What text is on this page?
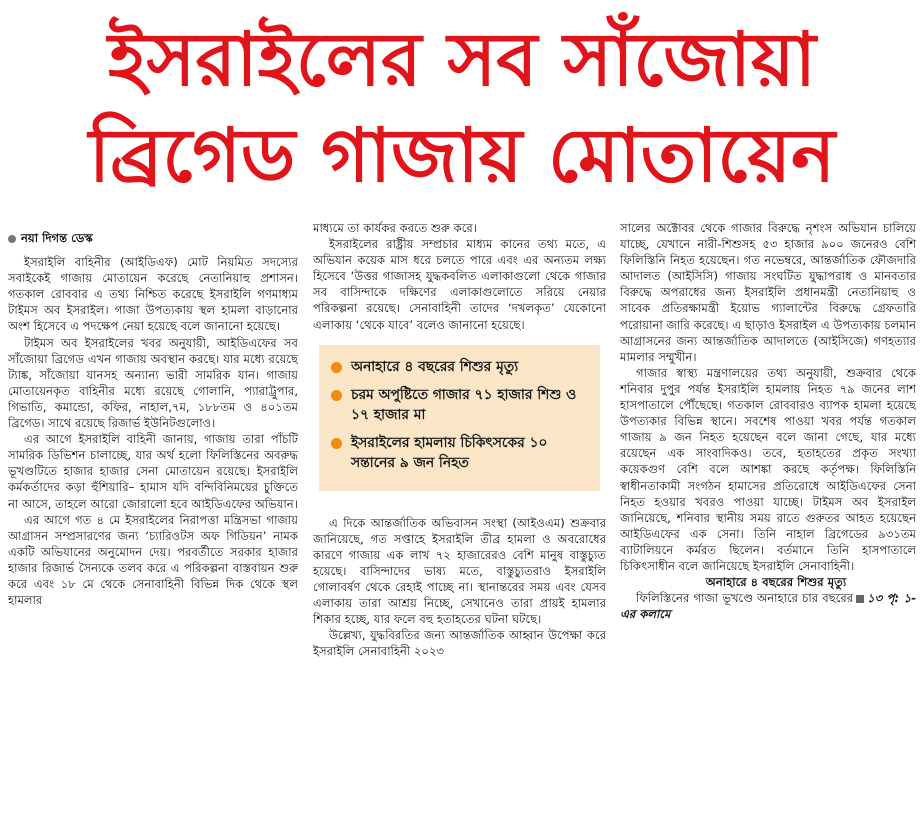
ইসরাইলের সব সাঁজোয়া
ব্রিগেড গাজায় মোতায়েন
নয়া দিগন্ত ডেস্ক

ইসরাইলি বাহিনীর (আইডিএফ) মোট নিয়মিত সদস্যের সবাইকেই গাজায় মোতায়েন করেছে নেতানিয়াহু প্রশাসন। গতকাল রোববার এ তথ্য নিশ্চিত করেছে ইসরাইলি গণমাধ্যম টাইমস অব ইসরাইল। গাজা উপত্যকায় স্থল হামলা বাড়ানোর অংশ হিসেবে এ পদক্ষেপ নেয়া হয়েছে বলে জানানো হয়েছে।

টাইমস অব ইসরাইলের খবর অনুযায়ী, আইডিএফের সব সাঁজোয়া ব্রিগেড এখন গাজায় অবস্থান করছে। যার মধ্যে রয়েছে ট্যাঙ্ক, সাঁজোয়া যানসহ অন্যান্য ভারী সামরিক যান। গাজায় মোতায়েনকৃত বাহিনীর মধ্যে রয়েছে গোলানি, প্যারাট্রুপার, গিভাতি, কমান্ডো, কফির, নাহাল,৭ম, ১৮৮তম ও ৪০১তম ব্রিগেড। সাথে রয়েছে রিজার্ভ ইউনিটগুলোও।

এর আগে ইসরাইলি বাহিনী জানায়, গাজায় তারা পাঁচটি সামরিক ডিভিশন চালাচ্ছে, যার অর্থ হলো ফিলিস্তিনের অবরুদ্ধ ভূখণ্ডটিতে হাজার হাজার সেনা মোতায়েন রয়েছে। ইসরাইলি কর্মকর্তাদের কড়া হুঁশিয়ারি– হামাস যদি বন্দিবিনিময়ের চুক্তিতে না আসে, তাহলে আরো জোরালো হবে আইডিএফের অভিযান।

এর আগে গত ৪ মে ইসরাইলের নিরাপত্তা মন্ত্রিসভা গাজায় আগ্রাসন সম্প্রসারণের জন্য ‘চ্যারিওটস অফ গিডিয়ন’ নামক একটি অভিযানের অনুমোদন দেয়। পরবর্তীতে সরকার হাজার হাজার রিজার্ভ সৈন্যকে তলব করে এ পরিকল্পনা বাস্তবায়ন শুরু করে এবং ১৮ মে থেকে সেনাবাহিনী বিভিন্ন দিক থেকে স্থল হামলার

মাধ্যমে তা কার্যকর করতে শুরু করে।

ইসরাইলের রাষ্ট্রীয় সম্প্রচার মাধ্যম কানের তথ্য মতে, এ অভিযান কয়েক মাস ধরে চলতে পারে এবং এর অন্যতম লক্ষ্য হিসেবে ‘উত্তর গাজাসহ যুদ্ধকবলিত এলাকাগুলো থেকে গাজার সব বাসিন্দাকে দক্ষিণের এলাকাগুলোতে সরিয়ে নেয়ার পরিকল্পনা রয়েছে। সেনাবাহিনী তাদের ‘দখলকৃত’ যেকোনো এলাকায় ‘থেকে যাবে’ বলেও জানানো হয়েছে।

অনাহারে ৪ বছরের শিশুর মৃত্যু
চরম অপুষ্টিতে গাজার ৭১ হাজার শিশু ও ১৭ হাজার মা
ইসরাইলের হামলায় চিকিৎসকের ১০ সন্তানের ৯ জন নিহত

এ দিকে আন্তর্জাতিক অভিবাসন সংস্থা (আইওএম) শুক্রবার জানিয়েছে, গত সপ্তাহে ইসরাইলি তীব্র হামলা ও অবরোধের কারণে গাজায় এক লাখ ৭২ হাজারেরও বেশি মানুষ বাস্তুচ্যুত হয়েছে। বাসিন্দাদের ভাষ্য মতে, বাস্তুচ্যুতরাও ইসরাইলি গোলাবর্ষণ থেকে রেহাই পাচ্ছে না। স্থানান্তরের সময় এবং যেসব এলাকায় তারা আশ্রয় নিচ্ছে, সেখানেও তারা প্রায়ই হামলার শিকার হচ্ছে, যার ফলে বহু হতাহতের ঘটনা ঘটছে।

উল্লেখ্য, যুদ্ধবিরতির জন্য আন্তর্জাতিক আহ্বান উপেক্ষা করে ইসরাইলি সেনাবাহিনী ২০২৩

সালের অক্টোবর থেকে গাজার বিরুদ্ধে নৃশংস অভিযান চালিয়ে যাচ্ছে, যেখানে নারী-শিশুসহ ৫৩ হাজার ৯০০ জনেরও বেশি ফিলিস্তিনি নিহত হয়েছেন। গত নভেম্বরে, আন্তর্জাতিক ফৌজদারি আদালত (আইসিসি) গাজায় সংঘটিত যুদ্ধাপরাধ ও মানবতার বিরুদ্ধে অপরাধের জন্য ইসরাইলি প্রধানমন্ত্রী নেতানিয়াহু ও সাবেক প্রতিরক্ষামন্ত্রী ইয়োভ গ্যালান্টের বিরুদ্ধে গ্রেফতারি পরোয়ানা জারি করেছে। এ ছাড়াও ইসরাইল এ উপত্যকায় চলমান আগ্রাসনের জন্য আন্তর্জাতিক আদালতে (আইসিজে) গণহত্যার মামলার সম্মুখীন।

গাজার স্বাস্থ্য মন্ত্রণালয়ের তথ্য অনুযায়ী, শুক্রবার থেকে শনিবার দুপুর পর্যন্ত ইসরাইলি হামলায় নিহত ৭৯ জনের লাশ হাসপাতালে পৌঁছেছে। গতকাল রোববারও ব্যাপক হামলা হয়েছে উপত্যকার বিভিন্ন স্থানে। সবশেষ পাওয়া খবর পর্যন্ত গতকাল গাজায় ৯ জন নিহত হয়েছেন বলে জানা গেছে, যার মধ্যে রয়েছেন এক সাংবাদিকও। তবে, হতাহতের প্রকৃত সংখ্যা কয়েকগুণ বেশি বলে আশঙ্কা করছে কর্তৃপক্ষ। ফিলিস্তিনি স্বাধীনতাকামী সংগঠন হামাসের প্রতিরোধে আইডিএফের সেনা নিহত হওয়ার খবরও পাওয়া যাচ্ছে। টাইমস অব ইসরাইল জানিয়েছে, শনিবার স্থানীয় সময় রাতে গুরুতর আহত হয়েছেন আইডিএফের এক সেনা। তিনি নাহাল ব্রিগেডের ৯৩১তম ব্যাটালিয়নে কর্মরত ছিলেন। বর্তমানে তিনি হাসপাতালে চিকিৎসাধীন বলে জানিয়েছে ইসরাইলি সেনাবাহিনী।

অনাহারে ৪ বছরের শিশুর মৃত্যু

ফিলিস্তিনের গাজা ভূখণ্ডে অনাহারে চার বছরের ১৩ পৃ: ১-এর কলামে
